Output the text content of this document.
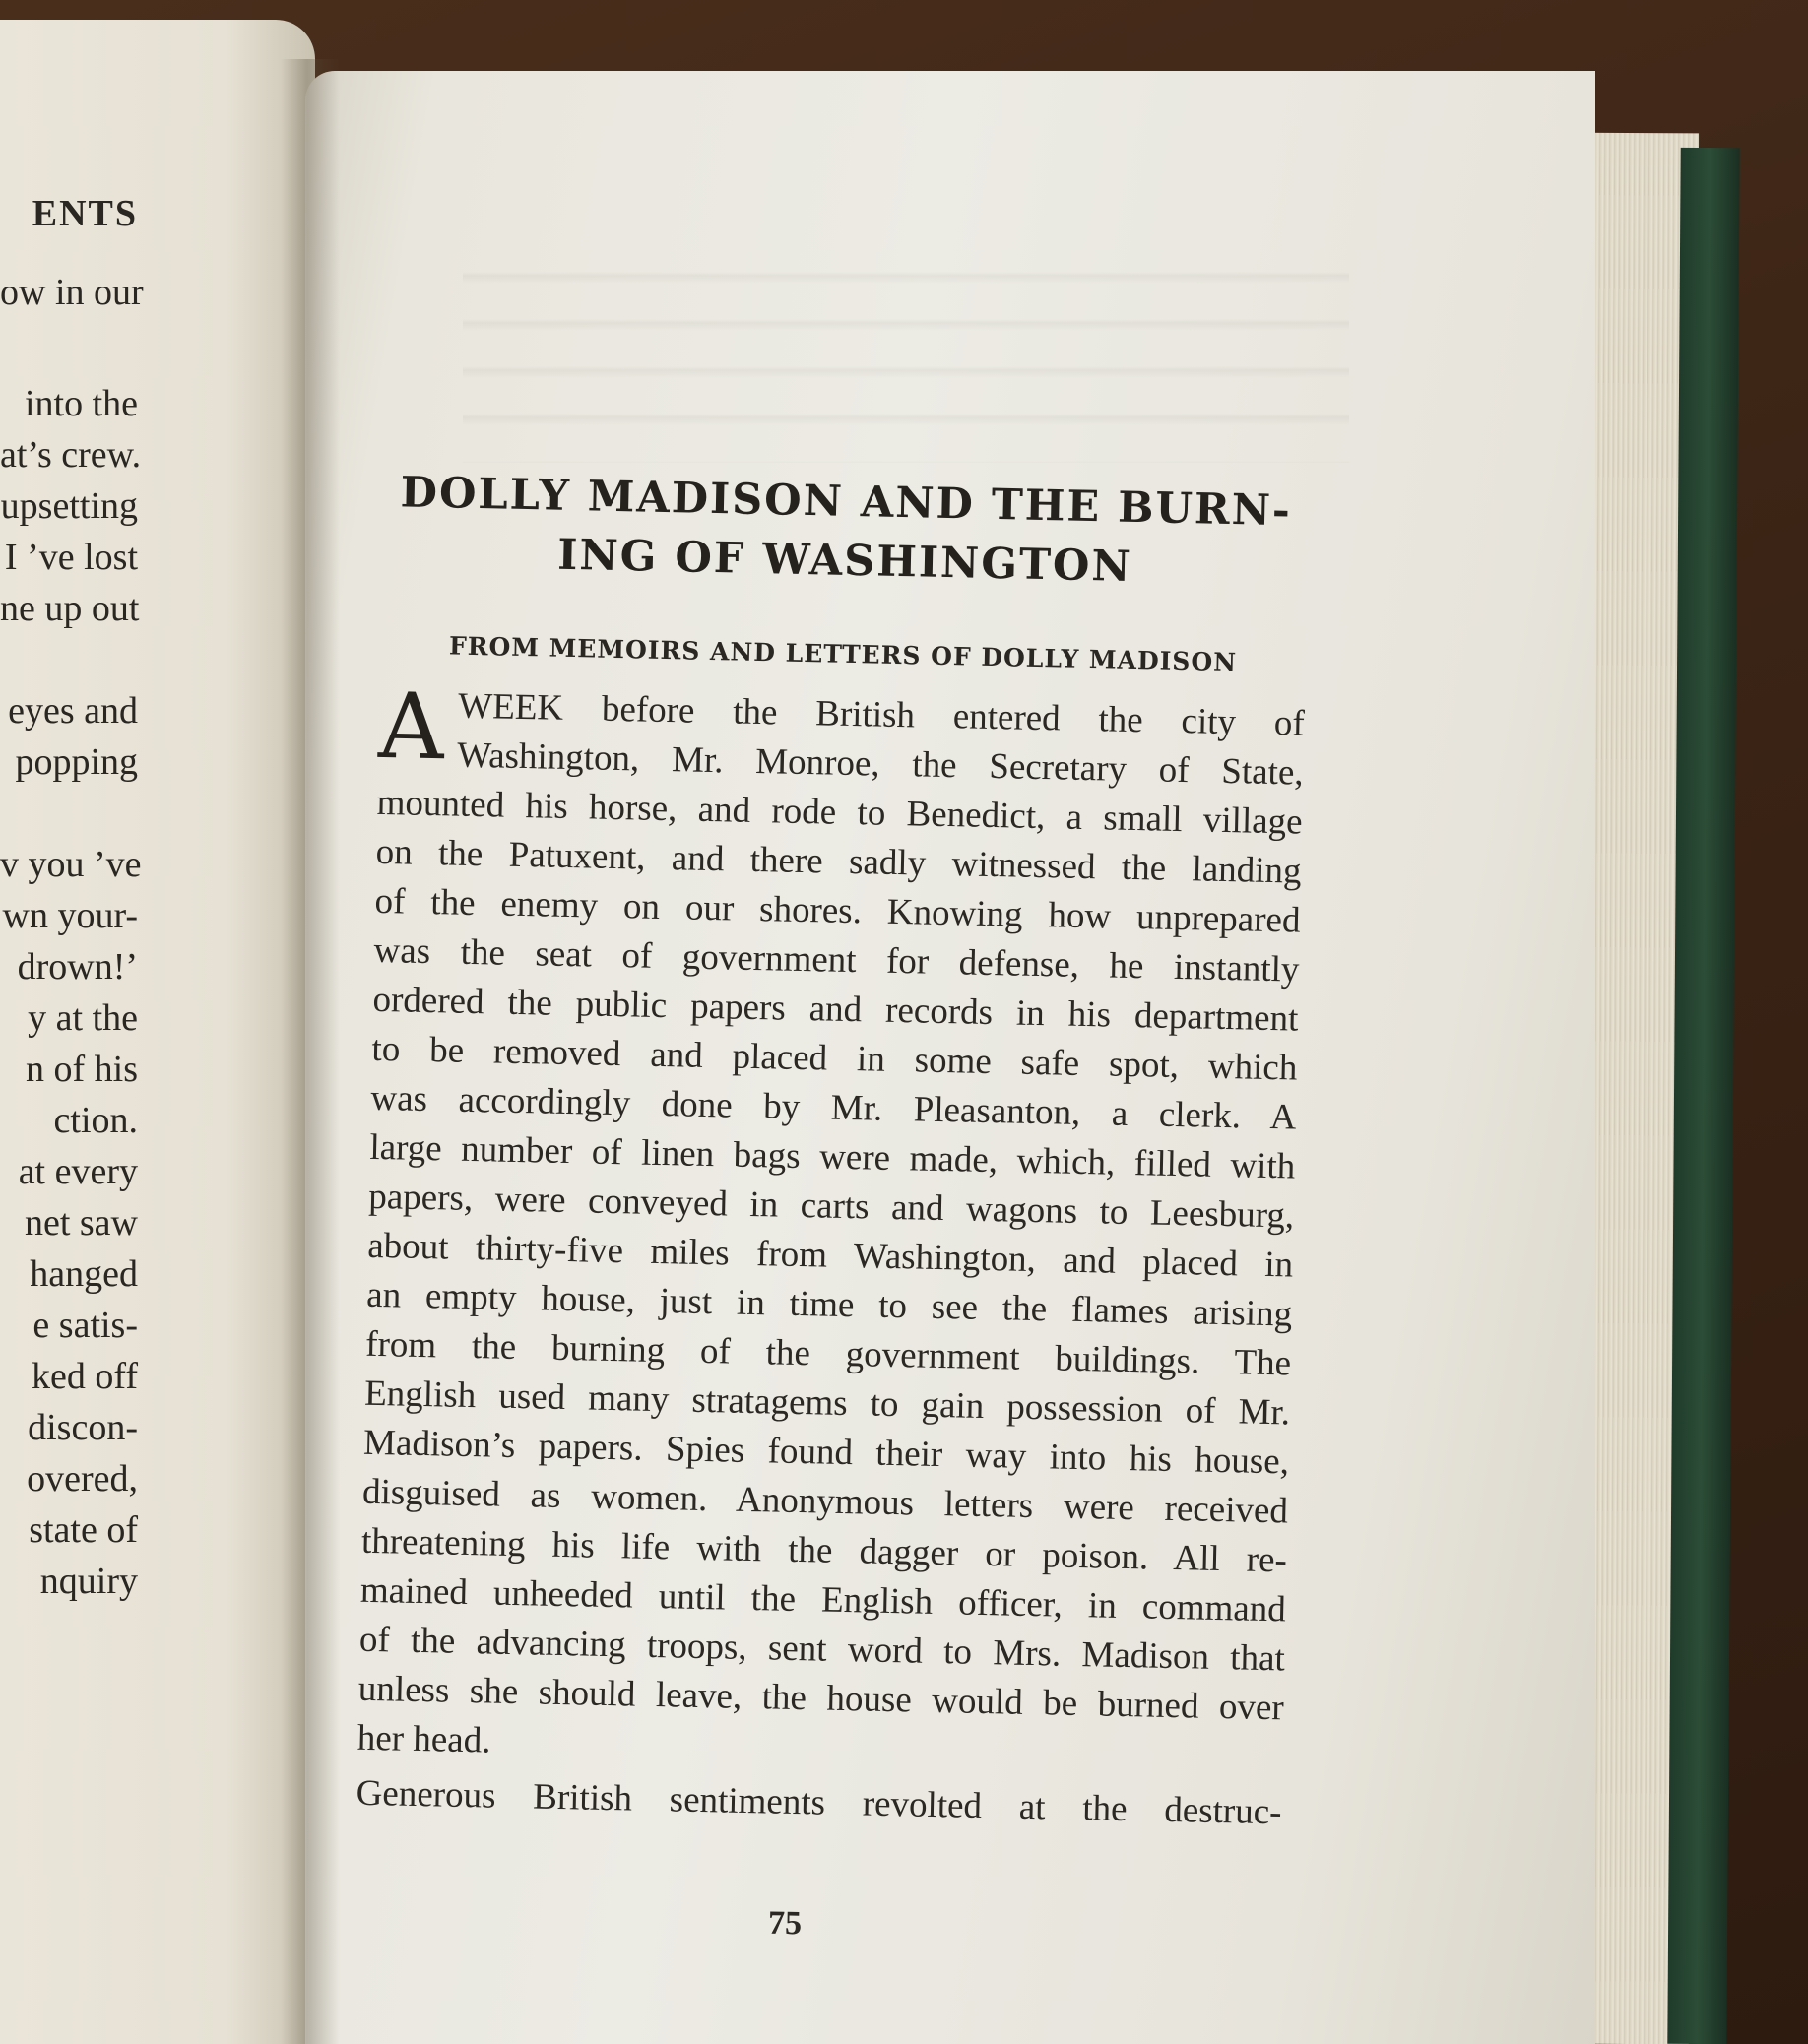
ENTS
ow in our
into the
at’s crew.
upsetting
I ’ve lost
ne up out
eyes and
popping
v you ’ve
wn your-
drown!’
y at the
n of his
ction.
at every
net saw
hanged
e satis-
ked off
discon-
overed,
state of
nquiry
DOLLY MADISON AND THE BURN-
ING OF WASHINGTON
FROM MEMOIRS AND LETTERS OF DOLLY MADISON
A WEEK before the British entered the city of
Washington, Mr. Monroe, the Secretary of State,
mounted his horse, and rode to Benedict, a small village
on the Patuxent, and there sadly witnessed the landing
of the enemy on our shores. Knowing how unprepared
was the seat of government for defense, he instantly
ordered the public papers and records in his department
to be removed and placed in some safe spot, which
was accordingly done by Mr. Pleasanton, a clerk. A
large number of linen bags were made, which, filled with
papers, were conveyed in carts and wagons to Leesburg,
about thirty-five miles from Washington, and placed in
an empty house, just in time to see the flames arising
from the burning of the government buildings. The
English used many stratagems to gain possession of Mr.
Madison’s papers. Spies found their way into his house,
disguised as women. Anonymous letters were received
threatening his life with the dagger or poison. All re-
mained unheeded until the English officer, in command
of the advancing troops, sent word to Mrs. Madison that
unless she should leave, the house would be burned over
her head.
Generous British sentiments revolted at the destruc-
75
